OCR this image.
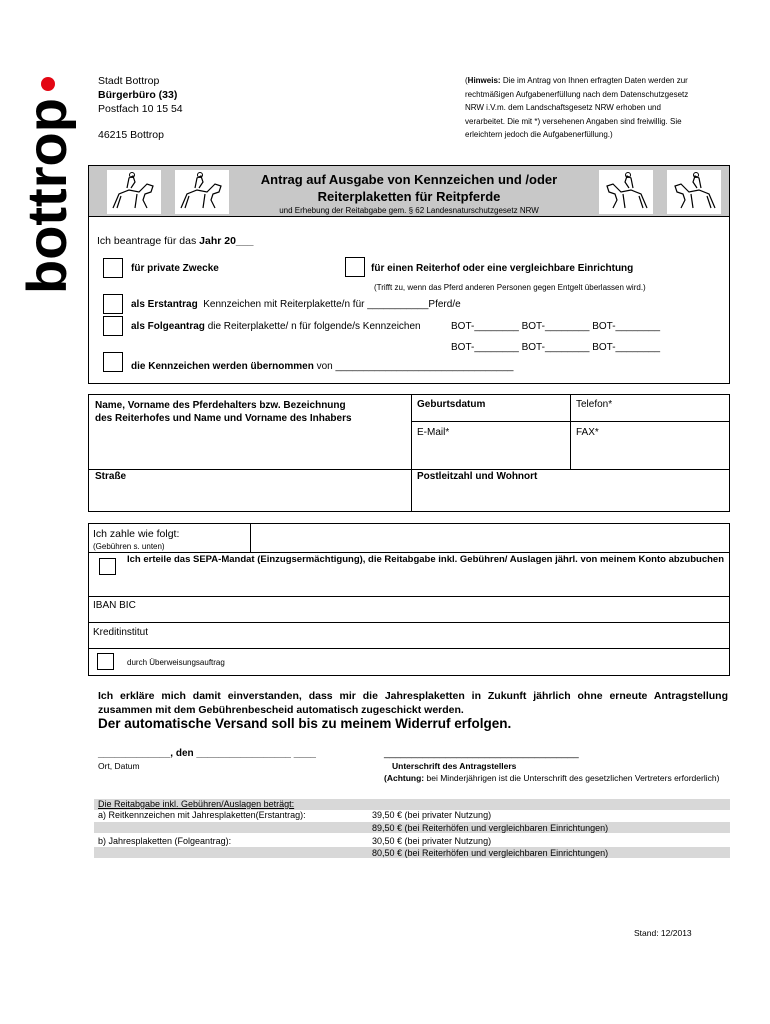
bottrop
Stadt Bottrop
Bürgerbüro (33)
Postfach 10 15 54
46215 Bottrop
(Hinweis: Die im Antrag von Ihnen erfragten Daten werden zur rechtmäßigen Aufgabenerfüllung nach dem Datenschutzgesetz NRW i.V.m. dem Landschaftsgesetz NRW erhoben und verarbeitet. Die mit *) versehenen Angaben sind freiwillig. Sie erleichtern jedoch die Aufgabenerfüllung.)
Antrag auf Ausgabe von Kennzeichen und /oder
Reiterplaketten für Reitpferde
und Erhebung der Reitabgabe gem. § 62 Landesnaturschutzgesetz NRW
Ich beantrage für das Jahr 20___
für private Zwecke	für einen Reiterhof oder eine vergleichbare Einrichtung
(Trifft zu, wenn das Pferd anderen Personen gegen Entgelt überlassen wird.)
als Erstantrag Kennzeichen mit Reiterplakette/n für ___________Pferd/e
als Folgeantrag die Reiterplakette/ n für folgende/s Kennzeichen	BOT-________ BOT-________ BOT-________
BOT-________ BOT-________ BOT-________
die Kennzeichen werden übernommen von ________________________________
Name, Vorname des Pferdehalters bzw. Bezeichnung
des Reiterhofes und Name und Vorname des Inhabers
Geburtsdatum	Telefon*
E-Mail*	FAX*
Straße	Postleitzahl und Wohnort
Ich zahle wie folgt:
(Gebühren s. unten)
Ich erteile das SEPA-Mandat (Einzugsermächtigung), die Reitabgabe inkl. Gebühren/ Auslagen jährl. von meinem Konto abzubuchen
IBAN BIC
Kreditinstitut
durch Überweisungsauftrag
Ich erkläre mich damit einverstanden, dass mir die Jahresplaketten in Zukunft jährlich ohne erneute Antragstellung zusammen mit dem Gebührenbescheid automatisch zugeschickt werden.
Der automatische Versand soll bis zu meinem Widerruf erfolgen.
_____________, den _________________ ____
Ort, Datum
___________________________________
Unterschrift des Antragstellers
(Achtung: bei Minderjährigen ist die Unterschrift des gesetzlichen Vertreters erforderlich)
Die Reitabgabe inkl. Gebühren/Auslagen beträgt:
a) Reitkennzeichen mit Jahresplaketten(Erstantrag):	39,50 € (bei privater Nutzung)
89,50 € (bei Reiterhöfen und vergleichbaren Einrichtungen)
b) Jahresplaketten (Folgeantrag):	30,50 € (bei privater Nutzung)
80,50 € (bei Reiterhöfen und vergleichbaren Einrichtungen)
Stand: 12/2013
